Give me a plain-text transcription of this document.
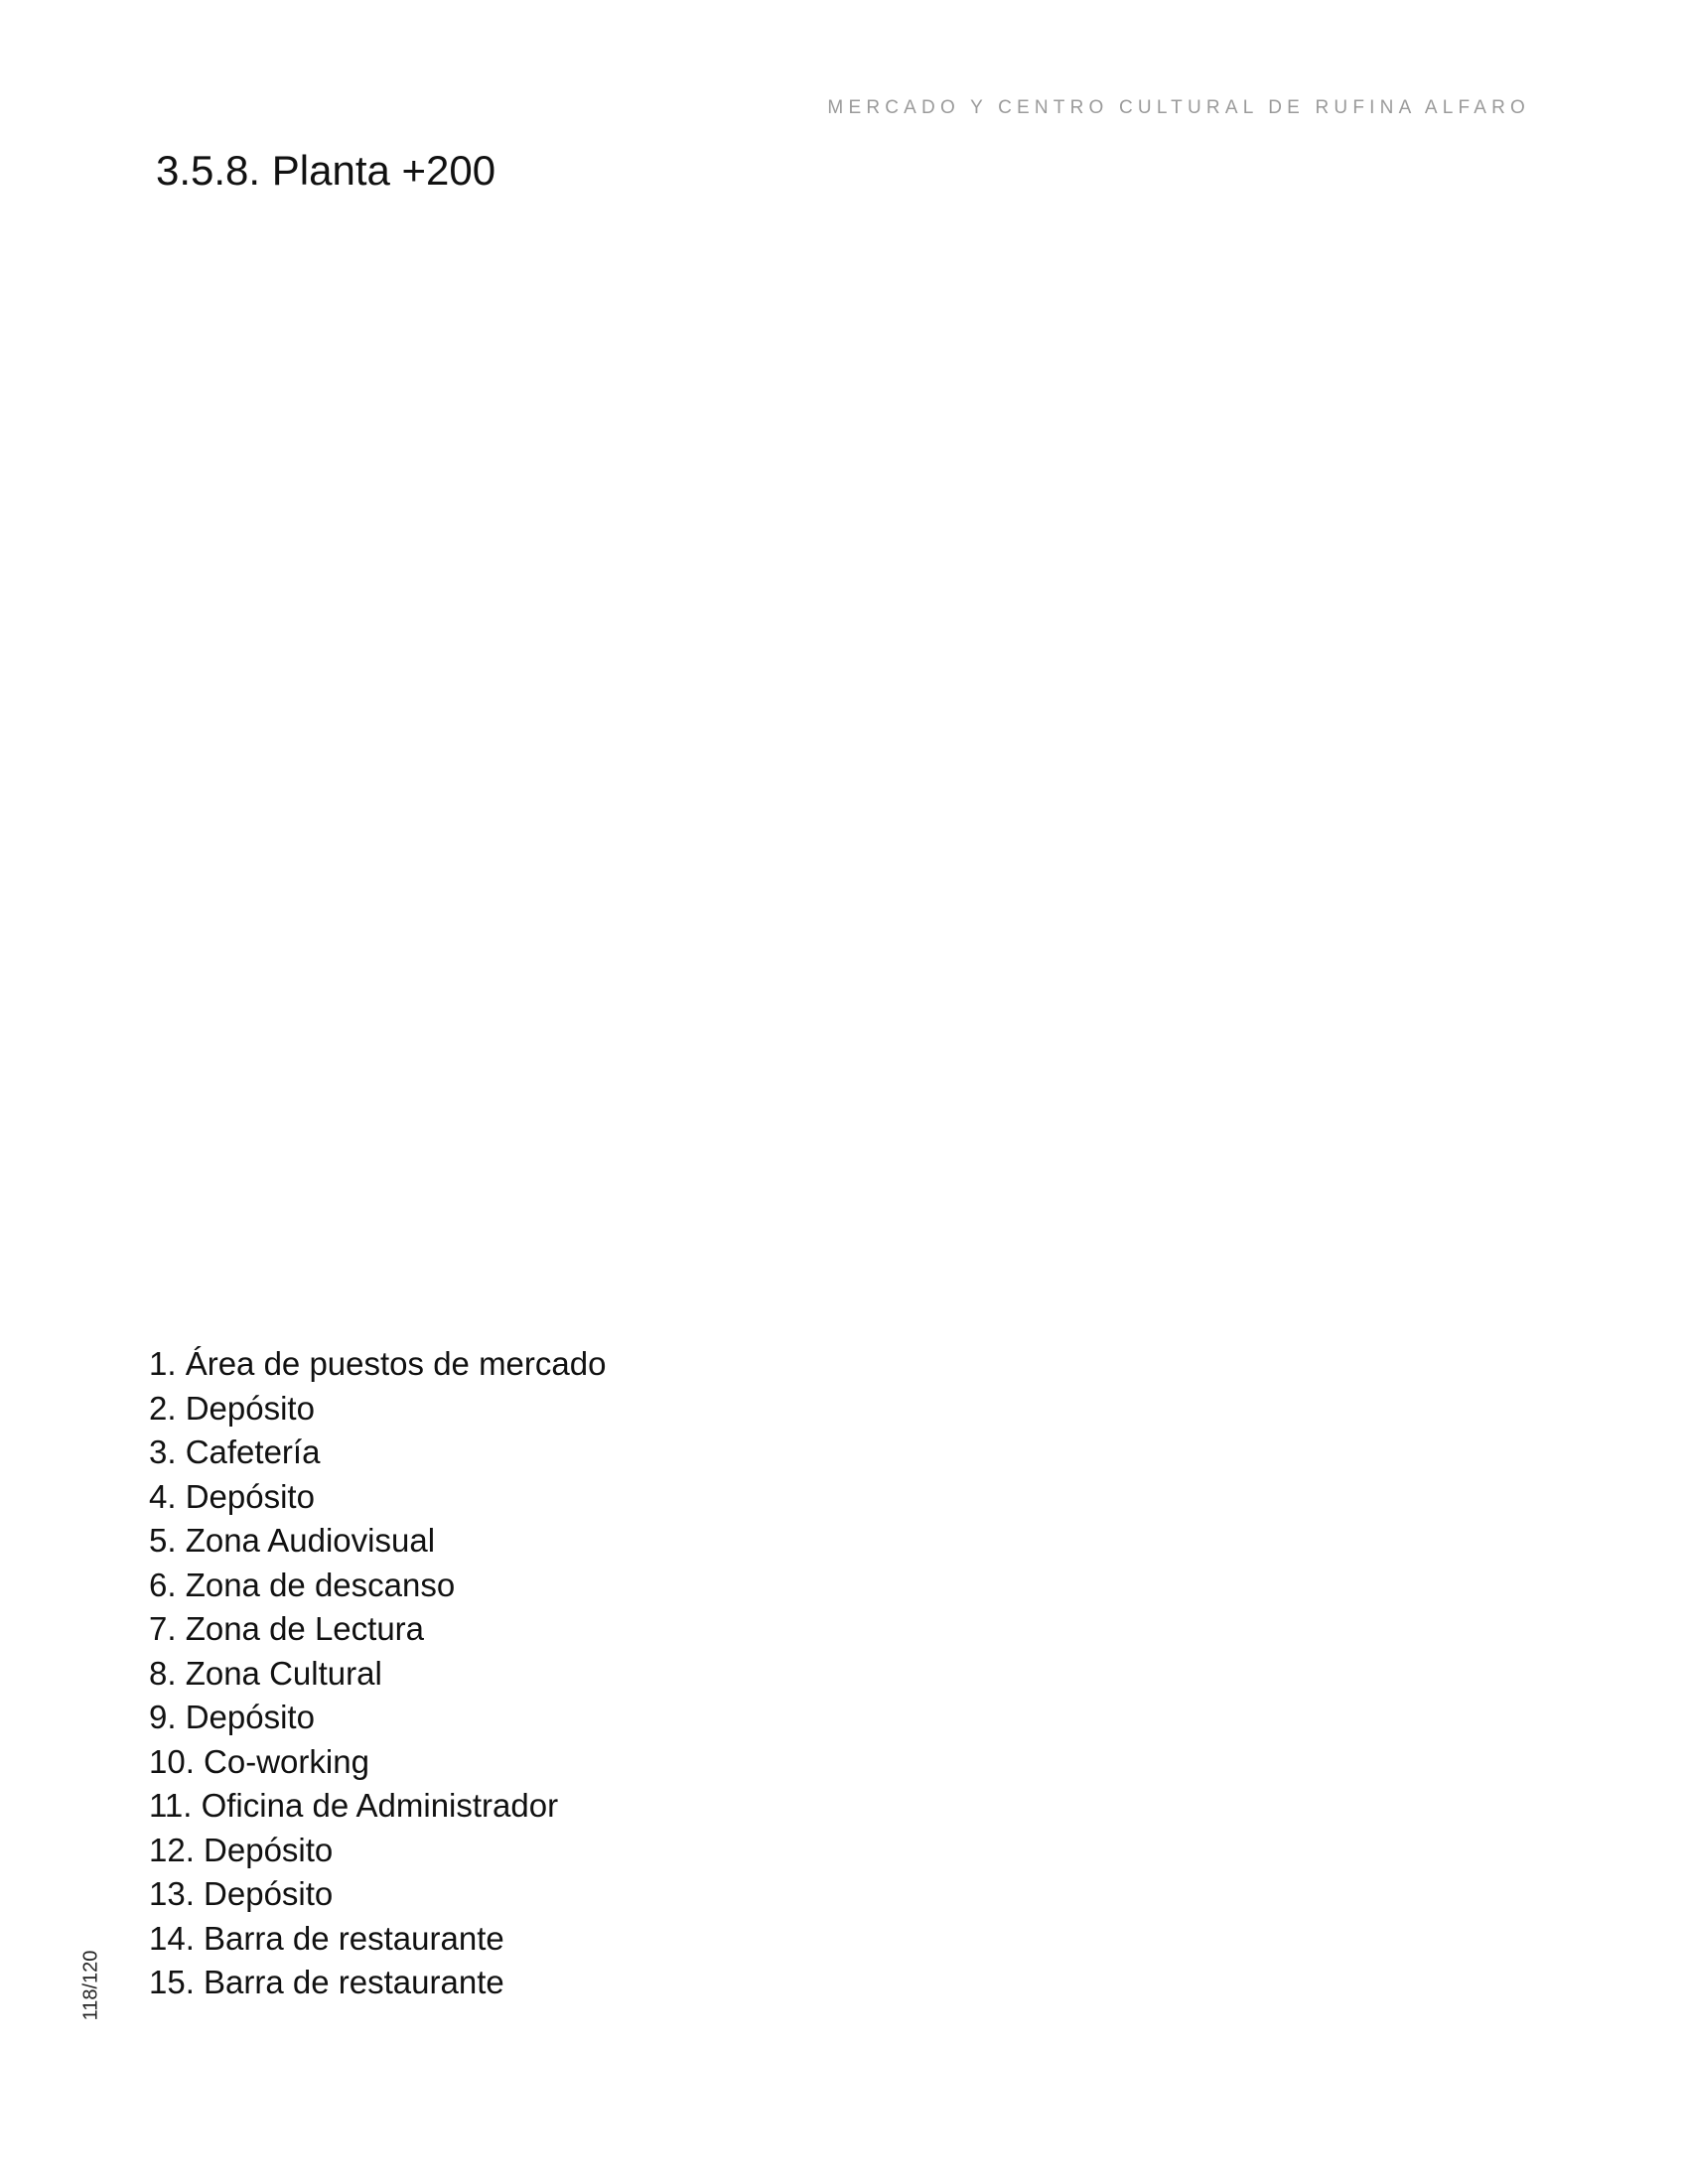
MERCADO Y CENTRO CULTURAL DE RUFINA ALFARO
3.5.8. Planta +200
1. Área de puestos de mercado
2. Depósito
3. Cafetería
4. Depósito
5. Zona Audiovisual
6. Zona de descanso
7. Zona de Lectura
8. Zona Cultural
9. Depósito
10. Co-working
11. Oficina de Administrador
12. Depósito
13. Depósito
14. Barra de restaurante
15. Barra de restaurante
118/120
